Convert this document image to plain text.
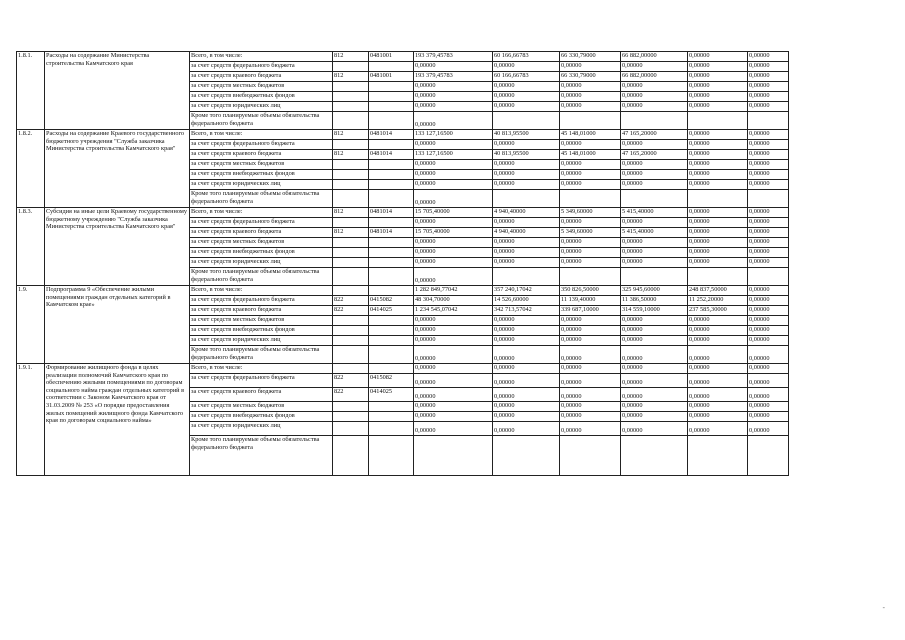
1.8.1.	Расходы на содержание Министерства строительства Камчатского края	Всего, в том числе:	812	0481001	193 379,45783	60 166,66783	66 330,79000	66 882,00000	0,00000	0,00000
		за счет средств федерального бюджета			0,00000	0,00000	0,00000	0,00000	0,00000	0,00000
		за счет средств краевого бюджета	812	0481001	193 379,45783	60 166,66783	66 330,79000	66 882,00000	0,00000	0,00000
		за счет средств местных бюджетов			0,00000	0,00000	0,00000	0,00000	0,00000	0,00000
		за счет средств внебюджетных фондов			0,00000	0,00000	0,00000	0,00000	0,00000	0,00000
		за счет средств юридических лиц			0,00000	0,00000	0,00000	0,00000	0,00000	0,00000
		Кроме того планируемые объемы обязательства федерального бюджета			0,00000					
1.8.2.	Расходы на содержание Краевого государственного бюджетного учреждения "Служба заказчика Министерства строительства Камчатского края"	Всего, в том числе:	812	0481014	133 127,16500	40 813,95500	45 148,01000	47 165,20000	0,00000	0,00000
		за счет средств федерального бюджета			0,00000	0,00000	0,00000	0,00000	0,00000	0,00000
		за счет средств краевого бюджета	812	0481014	133 127,16500	40 813,95500	45 148,01000	47 165,20000	0,00000	0,00000
		за счет средств местных бюджетов			0,00000	0,00000	0,00000	0,00000	0,00000	0,00000
		за счет средств внебюджетных фондов			0,00000	0,00000	0,00000	0,00000	0,00000	0,00000
		за счет средств юридических лиц			0,00000	0,00000	0,00000	0,00000	0,00000	0,00000
		Кроме того планируемые объемы обязательства федерального бюджета			0,00000					
1.8.3.	Субсидия на иные цели Краевому государственному бюджетному учреждению "Служба заказчика Министерства строительства Камчатского края"	Всего, в том числе:	812	0481014	15 705,40000	4 940,40000	5 349,60000	5 415,40000	0,00000	0,00000
		за счет средств федерального бюджета			0,00000	0,00000	0,00000	0,00000	0,00000	0,00000
		за счет средств краевого бюджета	812	0481014	15 705,40000	4 940,40000	5 349,60000	5 415,40000	0,00000	0,00000
		за счет средств местных бюджетов			0,00000	0,00000	0,00000	0,00000	0,00000	0,00000
		за счет средств внебюджетных фондов			0,00000	0,00000	0,00000	0,00000	0,00000	0,00000
		за счет средств юридических лиц			0,00000	0,00000	0,00000	0,00000	0,00000	0,00000
		Кроме того планируемые объемы обязательства федерального бюджета			0,00000					
1.9.	Подпрограмма 9 «Обеспечение жилыми помещениями граждан отдельных категорий в Камчатском крае»	Всего, в том числе:			1 282 849,77042	357 240,17042	350 826,50000	325 945,60000	248 837,50000	0,00000
		за счет средств федерального бюджета	822	0415082	48 304,70000	14 526,60000	11 139,40000	11 386,50000	11 252,20000	0,00000
		за счет средств краевого бюджета	822	0414025	1 234 545,07042	342 713,57042	339 687,10000	314 559,10000	237 585,30000	0,00000
		за счет средств местных бюджетов			0,00000	0,00000	0,00000	0,00000	0,00000	0,00000
		за счет средств внебюджетных фондов			0,00000	0,00000	0,00000	0,00000	0,00000	0,00000
		за счет средств юридических лиц			0,00000	0,00000	0,00000	0,00000	0,00000	0,00000
		Кроме того планируемые объемы обязательства федерального бюджета			0,00000	0,00000	0,00000	0,00000	0,00000	0,00000
1.9.1.	Формирование жилищного фонда в целях реализации полномочий Камчатского края по обеспечению жилыми помещениями по договорам социального найма граждан отдельных категорий в соответствии с Законом Камчатского края от 31.03.2009 № 253 «О порядке предоставления жилых помещений жилищного фонда Камчатского края по договорам социального найма»	Всего, в том числе:			0,00000	0,00000	0,00000	0,00000	0,00000	0,00000
		за счет средств федерального бюджета	822	0415082	0,00000	0,00000	0,00000	0,00000	0,00000	0,00000
		за счет средств краевого бюджета	822	0414025	0,00000	0,00000	0,00000	0,00000	0,00000	0,00000
		за счет средств местных бюджетов			0,00000	0,00000	0,00000	0,00000	0,00000	0,00000
		за счет средств внебюджетных фондов			0,00000	0,00000	0,00000	0,00000	0,00000	0,00000
		за счет средств юридических лиц			0,00000	0,00000	0,00000	0,00000	0,00000	0,00000
		Кроме того планируемые объемы обязательства федерального бюджета								
-
